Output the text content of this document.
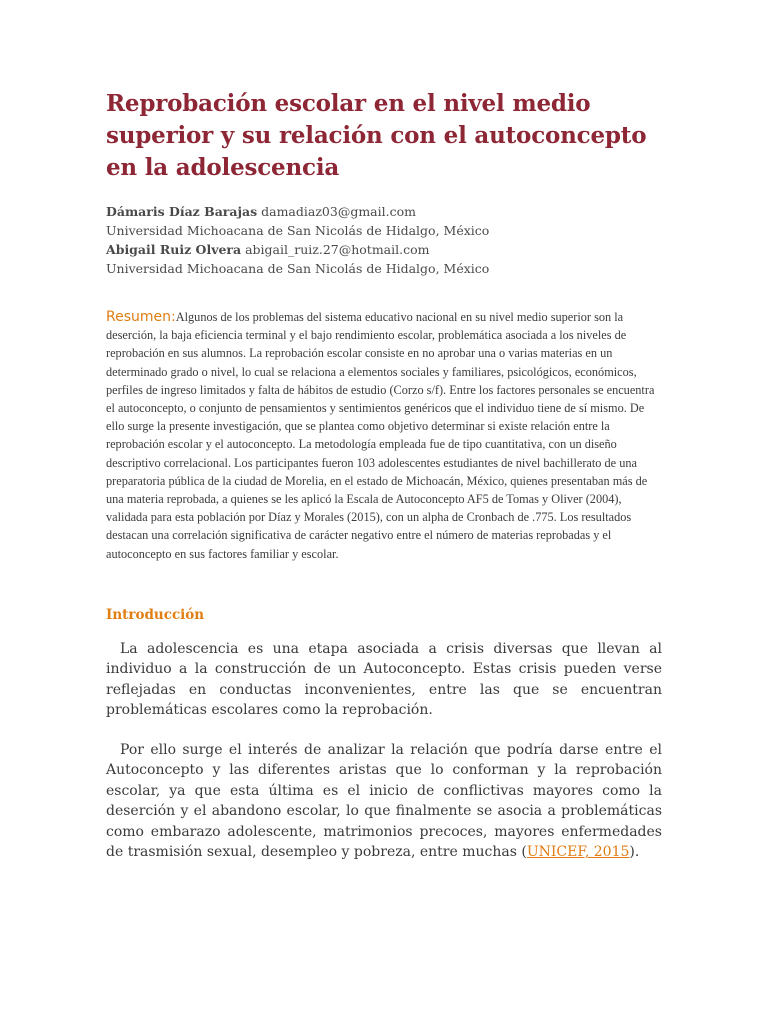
Reprobación escolar en el nivel medio superior y su relación con el autoconcepto en la adolescencia
Dámaris Díaz Barajas damadiaz03@gmail.com
Universidad Michoacana de San Nicolás de Hidalgo, México
Abigail Ruiz Olvera abigail_ruiz.27@hotmail.com
Universidad Michoacana de San Nicolás de Hidalgo, México
Resumen:Algunos de los problemas del sistema educativo nacional en su nivel medio superior son la deserción, la baja eficiencia terminal y el bajo rendimiento escolar, problemática asociada a los niveles de reprobación en sus alumnos. La reprobación escolar consiste en no aprobar una o varias materias en un determinado grado o nivel, lo cual se relaciona a elementos sociales y familiares, psicológicos, económicos, perfiles de ingreso limitados y falta de hábitos de estudio (Corzo s/f). Entre los factores personales se encuentra el autoconcepto, o conjunto de pensamientos y sentimientos genéricos que el individuo tiene de sí mismo. De ello surge la presente investigación, que se plantea como objetivo determinar si existe relación entre la reprobación escolar y el autoconcepto. La metodología empleada fue de tipo cuantitativa, con un diseño descriptivo correlacional. Los participantes fueron 103 adolescentes estudiantes de nivel bachillerato de una preparatoria pública de la ciudad de Morelia, en el estado de Michoacán, México, quienes presentaban más de una materia reprobada, a quienes se les aplicó la Escala de Autoconcepto AF5 de Tomas y Oliver (2004), validada para esta población por Díaz y Morales (2015), con un alpha de Cronbach de .775. Los resultados destacan una correlación significativa de carácter negativo entre el número de materias reprobadas y el autoconcepto en sus factores familiar y escolar.
Introducción

La adolescencia es una etapa asociada a crisis diversas que llevan al individuo a la construcción de un Autoconcepto. Estas crisis pueden verse reflejadas en conductas inconvenientes, entre las que se encuentran problemáticas escolares como la reprobación.

Por ello surge el interés de analizar la relación que podría darse entre el Autoconcepto y las diferentes aristas que lo conforman y la reprobación escolar, ya que esta última es el inicio de conflictivas mayores como la deserción y el abandono escolar, lo que finalmente se asocia a problemáticas como embarazo adolescente, matrimonios precoces, mayores enfermedades de trasmisión sexual, desempleo y pobreza, entre muchas (UNICEF, 2015).
